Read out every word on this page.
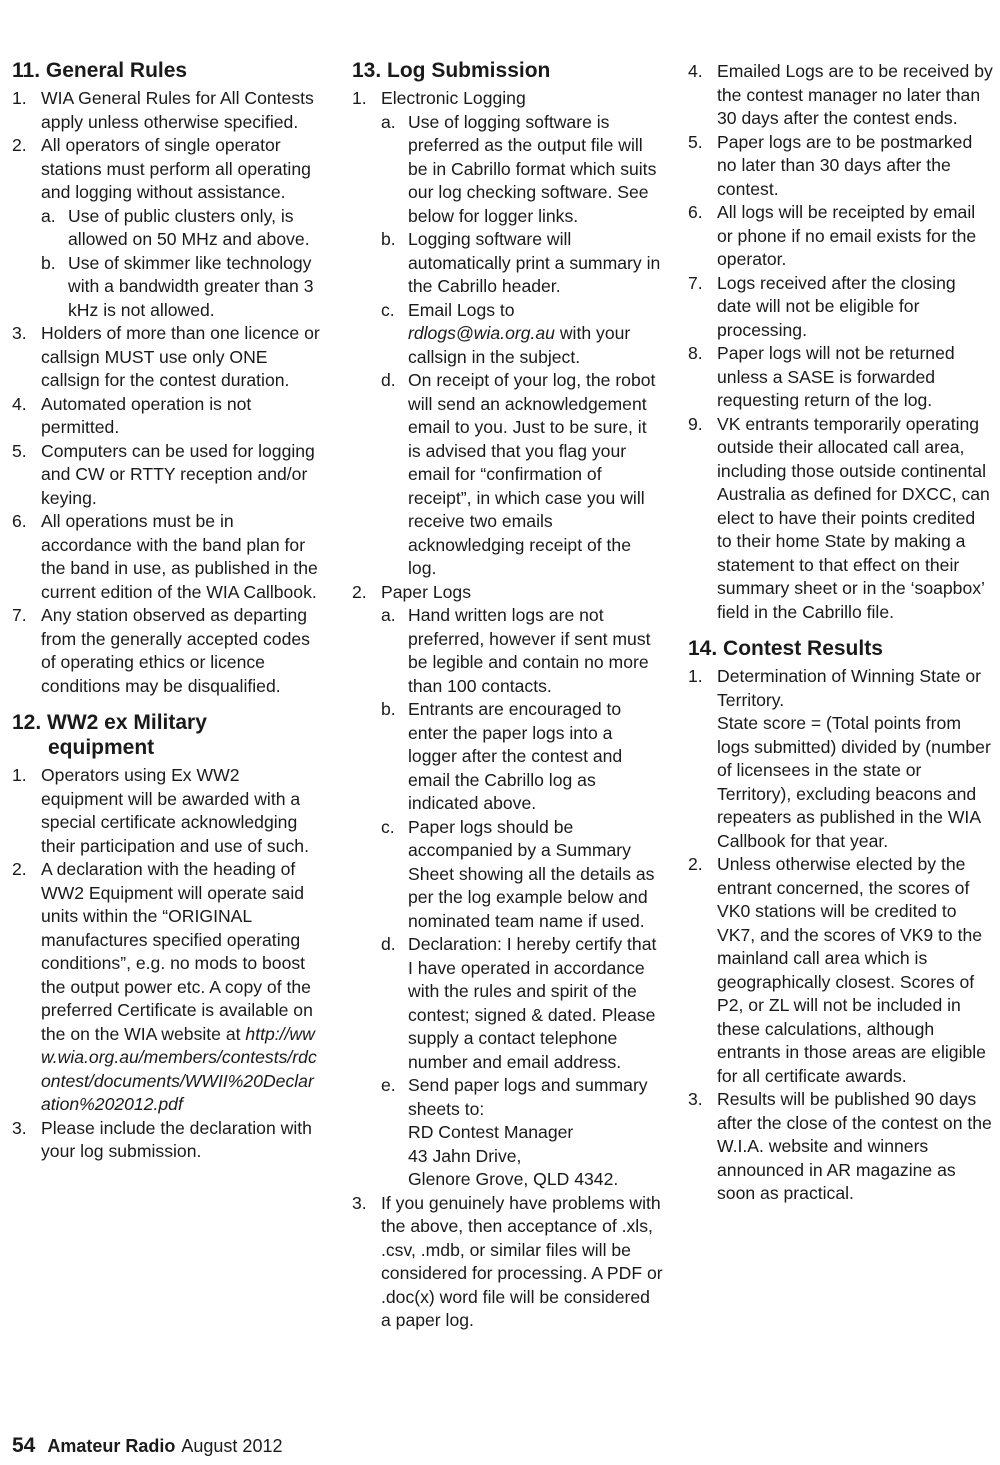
11. General Rules
1. WIA General Rules for All Contests apply unless otherwise specified.
2. All operators of single operator stations must perform all operating and logging without assistance.
a. Use of public clusters only, is allowed on 50 MHz and above.
b. Use of skimmer like technology with a bandwidth greater than 3 kHz is not allowed.
3. Holders of more than one licence or callsign MUST use only ONE callsign for the contest duration.
4. Automated operation is not permitted.
5. Computers can be used for logging and CW or RTTY reception and/or keying.
6. All operations must be in accordance with the band plan for the band in use, as published in the current edition of the WIA Callbook.
7. Any station observed as departing from the generally accepted codes of operating ethics or licence conditions may be disqualified.
12. WW2 ex Military
equipment
1. Operators using Ex WW2 equipment will be awarded with a special certificate acknowledging their participation and use of such.
2. A declaration with the heading of WW2 Equipment will operate said units within the “ORIGINAL manufactures specified operating conditions”, e.g. no mods to boost the output power etc. A copy of the preferred Certificate is available on the on the WIA website at http://www.wia.org.au/members/contests/rdcontest/documents/WWII%20Declaration%202012.pdf
3. Please include the declaration with your log submission.
13. Log Submission
1. Electronic Logging
a. Use of logging software is preferred as the output file will be in Cabrillo format which suits our log checking software. See below for logger links.
b. Logging software will automatically print a summary in the Cabrillo header.
c. Email Logs to rdlogs@wia.org.au with your callsign in the subject.
d. On receipt of your log, the robot will send an acknowledgement email to you. Just to be sure, it is advised that you flag your email for “confirmation of receipt”, in which case you will receive two emails acknowledging receipt of the log.
2. Paper Logs
a. Hand written logs are not preferred, however if sent must be legible and contain no more than 100 contacts.
b. Entrants are encouraged to enter the paper logs into a logger after the contest and email the Cabrillo log as indicated above.
c. Paper logs should be accompanied by a Summary Sheet showing all the details as per the log example below and nominated team name if used.
d. Declaration: I hereby certify that I have operated in accordance with the rules and spirit of the contest; signed & dated. Please supply a contact telephone number and email address.
e. Send paper logs and summary sheets to:
RD Contest Manager
43 Jahn Drive,
Glenore Grove, QLD 4342.
3. If you genuinely have problems with the above, then acceptance of .xls, .csv, .mdb, or similar files will be considered for processing. A PDF or .doc(x) word file will be considered a paper log.
4. Emailed Logs are to be received by the contest manager no later than 30 days after the contest ends.
5. Paper logs are to be postmarked no later than 30 days after the contest.
6. All logs will be receipted by email or phone if no email exists for the operator.
7. Logs received after the closing date will not be eligible for processing.
8. Paper logs will not be returned unless a SASE is forwarded requesting return of the log.
9. VK entrants temporarily operating outside their allocated call area, including those outside continental Australia as defined for DXCC, can elect to have their points credited to their home State by making a statement to that effect on their summary sheet or in the ‘soapbox’ field in the Cabrillo file.
14. Contest Results
1. Determination of Winning State or Territory.
State score = (Total points from logs submitted) divided by (number of licensees in the state or Territory), excluding beacons and repeaters as published in the WIA Callbook for that year.
2. Unless otherwise elected by the entrant concerned, the scores of VK0 stations will be credited to VK7, and the scores of VK9 to the mainland call area which is geographically closest. Scores of P2, or ZL will not be included in these calculations, although entrants in those areas are eligible for all certificate awards.
3. Results will be published 90 days after the close of the contest on the W.I.A. website and winners announced in AR magazine as soon as practical.
54 Amateur Radio August 2012
